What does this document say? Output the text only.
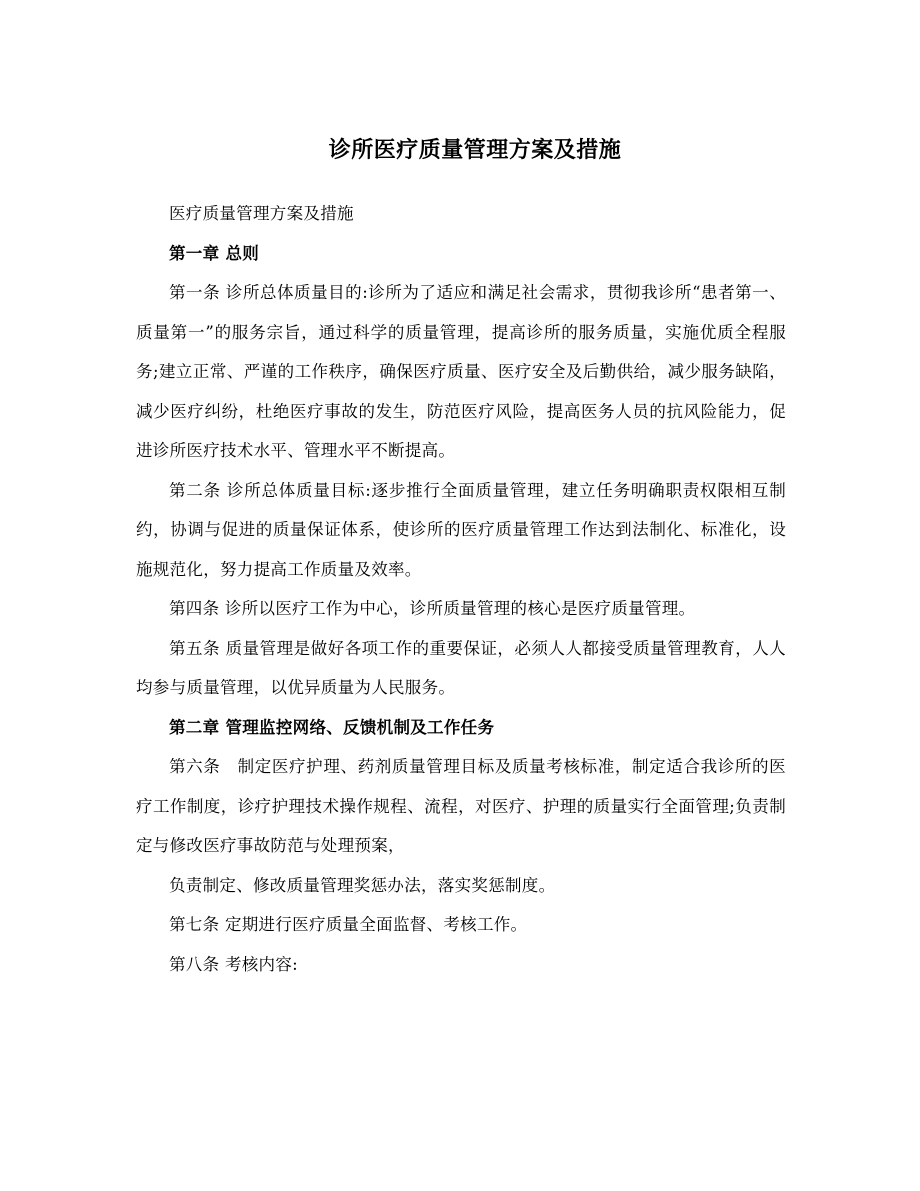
诊所医疗质量管理方案及措施

医疗质量管理方案及措施

第一章 总则

第一条 诊所总体质量目的:诊所为了适应和满足社会需求，贯彻我诊所“患者第一、质量第一”的服务宗旨，通过科学的质量管理，提高诊所的服务质量，实施优质全程服务;建立正常、严谨的工作秩序，确保医疗质量、医疗安全及后勤供给，减少服务缺陷，减少医疗纠纷，杜绝医疗事故的发生，防范医疗风险，提高医务人员的抗风险能力，促进诊所医疗技术水平、管理水平不断提高。

第二条 诊所总体质量目标:逐步推行全面质量管理，建立任务明确职责权限相互制约，协调与促进的质量保证体系，使诊所的医疗质量管理工作达到法制化、标准化，设施规范化，努力提高工作质量及效率。

第四条 诊所以医疗工作为中心，诊所质量管理的核心是医疗质量管理。

第五条 质量管理是做好各项工作的重要保证，必须人人都接受质量管理教育，人人均参与质量管理，以优异质量为人民服务。

第二章 管理监控网络、反馈机制及工作任务

第六条　制定医疗护理、药剂质量管理目标及质量考核标准，制定适合我诊所的医疗工作制度，诊疗护理技术操作规程、流程，对医疗、护理的质量实行全面管理;负责制定与修改医疗事故防范与处理预案，

负责制定、修改质量管理奖惩办法，落实奖惩制度。

第七条 定期进行医疗质量全面监督、考核工作。

第八条 考核内容:
